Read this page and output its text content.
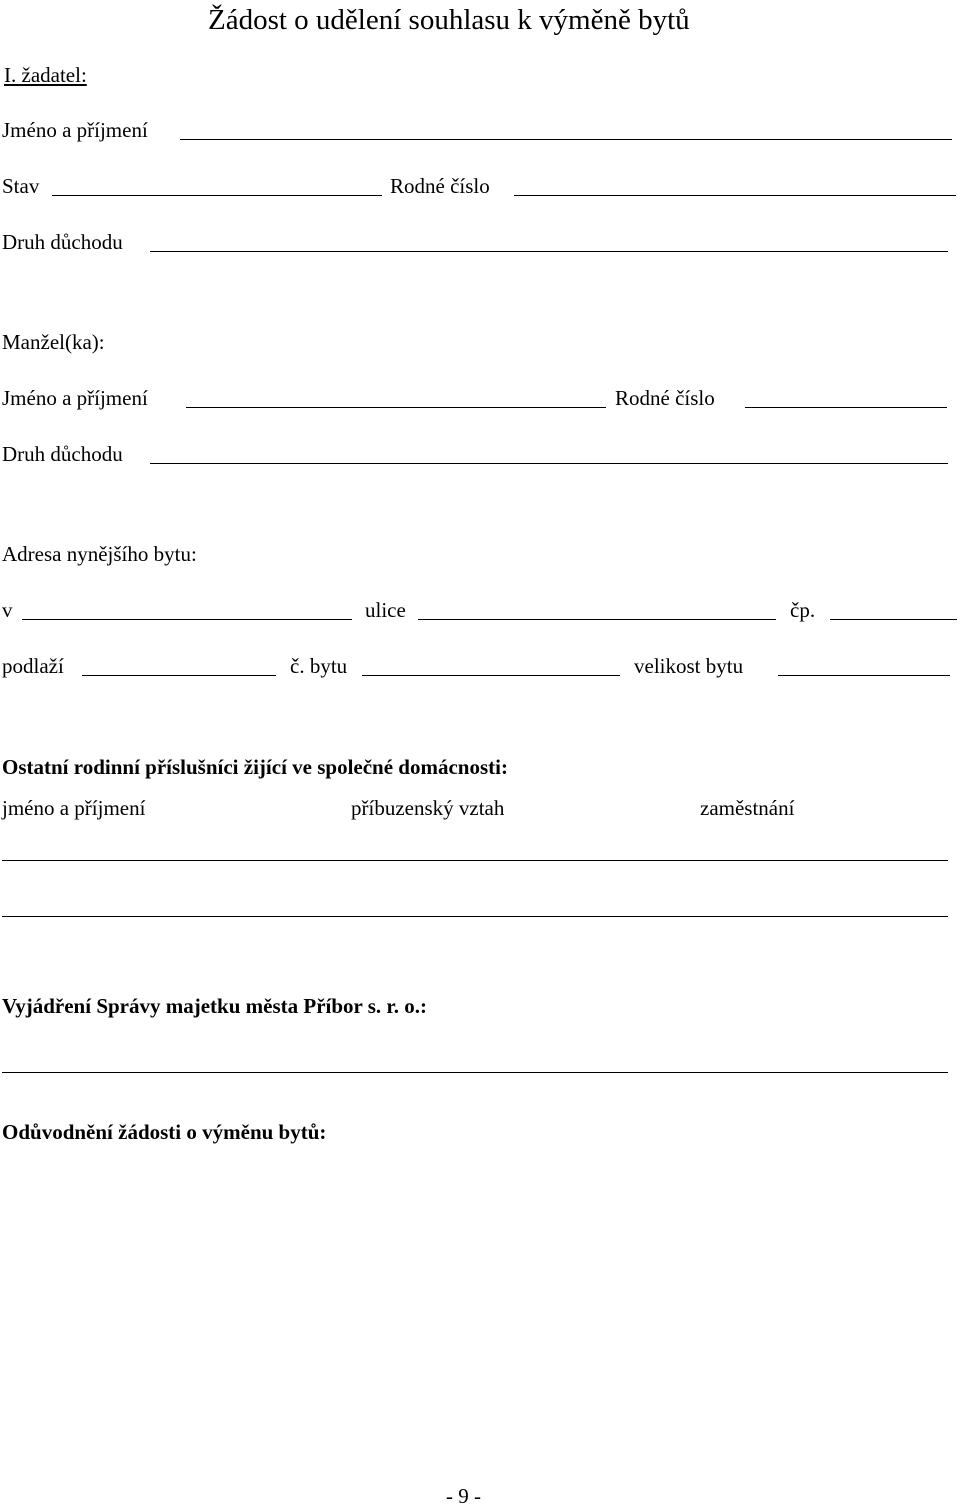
Žádost o udělení souhlasu k výměně bytů
I. žadatel:
Jméno a příjmení
Stav	Rodné číslo
Druh důchodu
Manžel(ka):
Jméno a příjmení	Rodné číslo
Druh důchodu
Adresa nynějšího bytu:
v	ulice	čp.
podlaží	č. bytu	velikost bytu
Ostatní rodinní příslušníci žijící ve společné domácnosti:
jméno a příjmení	příbuzenský vztah	zaměstnání
Vyjádření Správy majetku města Příbor s. r. o.:
Odůvodnění žádosti o výměnu bytů:
- 9 -
